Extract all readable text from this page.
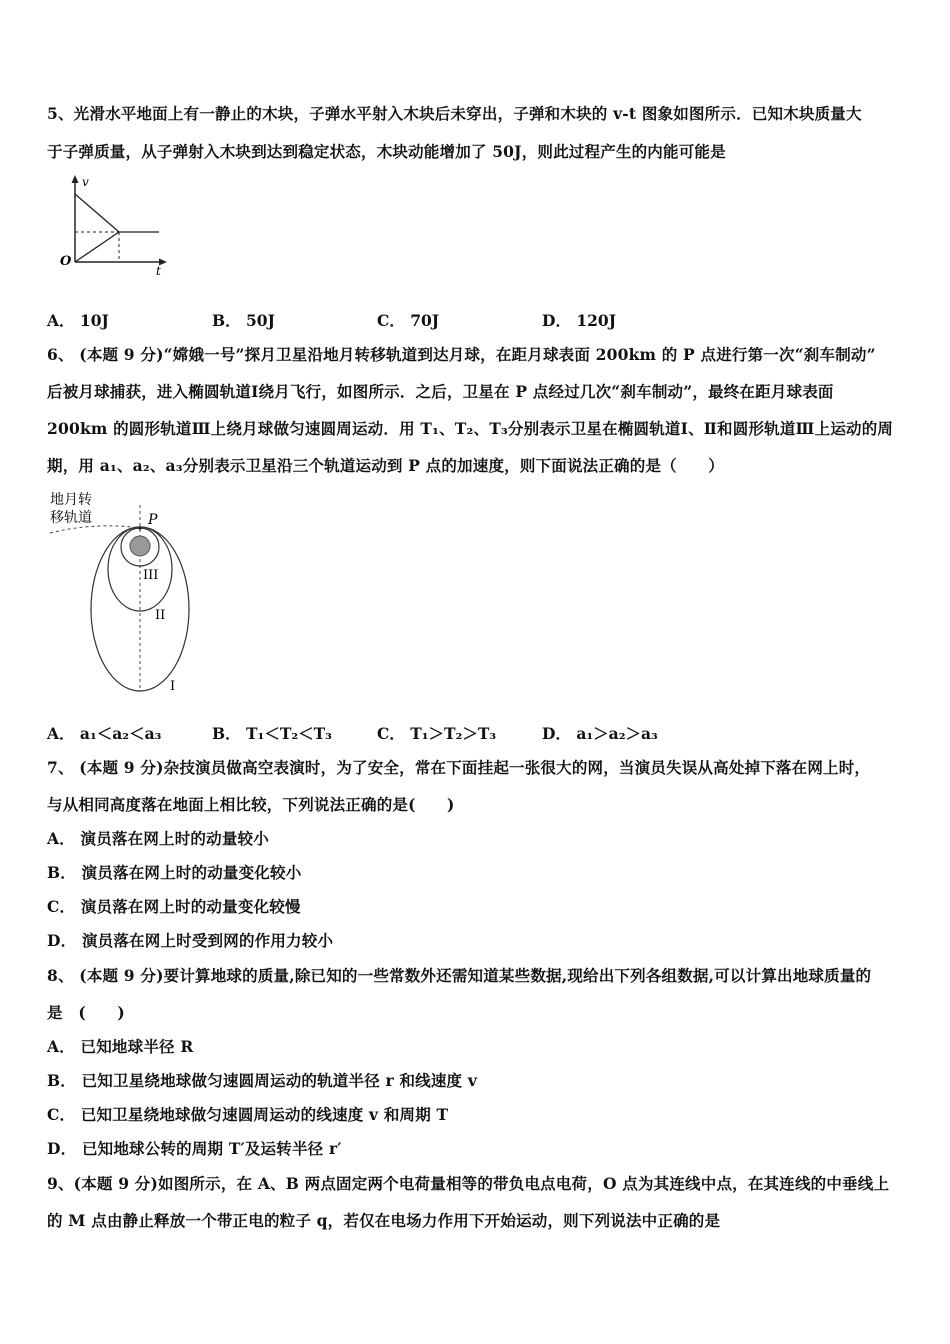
5、光滑水平地面上有一静止的木块，子弹水平射入木块后未穿出，子弹和木块的 v-t 图象如图所示．已知木块质量大
于子弹质量，从子弹射入木块到达到稳定状态，木块动能增加了 50J，则此过程产生的内能可能是
v
t
O
A． 10J	B． 50J	C． 70J	D． 120J
6、 (本题 9 分)“嫦娥一号”探月卫星沿地月转移轨道到达月球，在距月球表面 200km 的 P 点进行第一次“刹车制动”
后被月球捕获，进入椭圆轨道Ⅰ绕月飞行，如图所示．之后，卫星在 P 点经过几次“刹车制动”，最终在距月球表面
200km 的圆形轨道Ⅲ上绕月球做匀速圆周运动．用 T₁、T₂、T₃分别表示卫星在椭圆轨道Ⅰ、Ⅱ和圆形轨道Ⅲ上运动的周
期，用 a₁、a₂、a₃分别表示卫星沿三个轨道运动到 P 点的加速度，则下面说法正确的是（　　）
地月转
移轨道	P
III
II
I
A． a₁＜a₂＜a₃	B． T₁＜T₂＜T₃	C． T₁＞T₂＞T₃	D． a₁＞a₂＞a₃
7、 (本题 9 分)杂技演员做高空表演时，为了安全，常在下面挂起一张很大的网，当演员失误从高处掉下落在网上时，
与从相同高度落在地面上相比较，下列说法正确的是(　　)
A． 演员落在网上时的动量较小
B． 演员落在网上时的动量变化较小
C． 演员落在网上时的动量变化较慢
D． 演员落在网上时受到网的作用力较小
8、 (本题 9 分)要计算地球的质量,除已知的一些常数外还需知道某些数据,现给出下列各组数据,可以计算出地球质量的
是　(　　)
A． 已知地球半径 R
B． 已知卫星绕地球做匀速圆周运动的轨道半径 r 和线速度 v
C． 已知卫星绕地球做匀速圆周运动的线速度 v 和周期 T
D． 已知地球公转的周期 T′及运转半径 r′
9、(本题 9 分)如图所示，在 A、B 两点固定两个电荷量相等的带负电点电荷，O 点为其连线中点，在其连线的中垂线上
的 M 点由静止释放一个带正电的粒子 q，若仅在电场力作用下开始运动，则下列说法中正确的是
